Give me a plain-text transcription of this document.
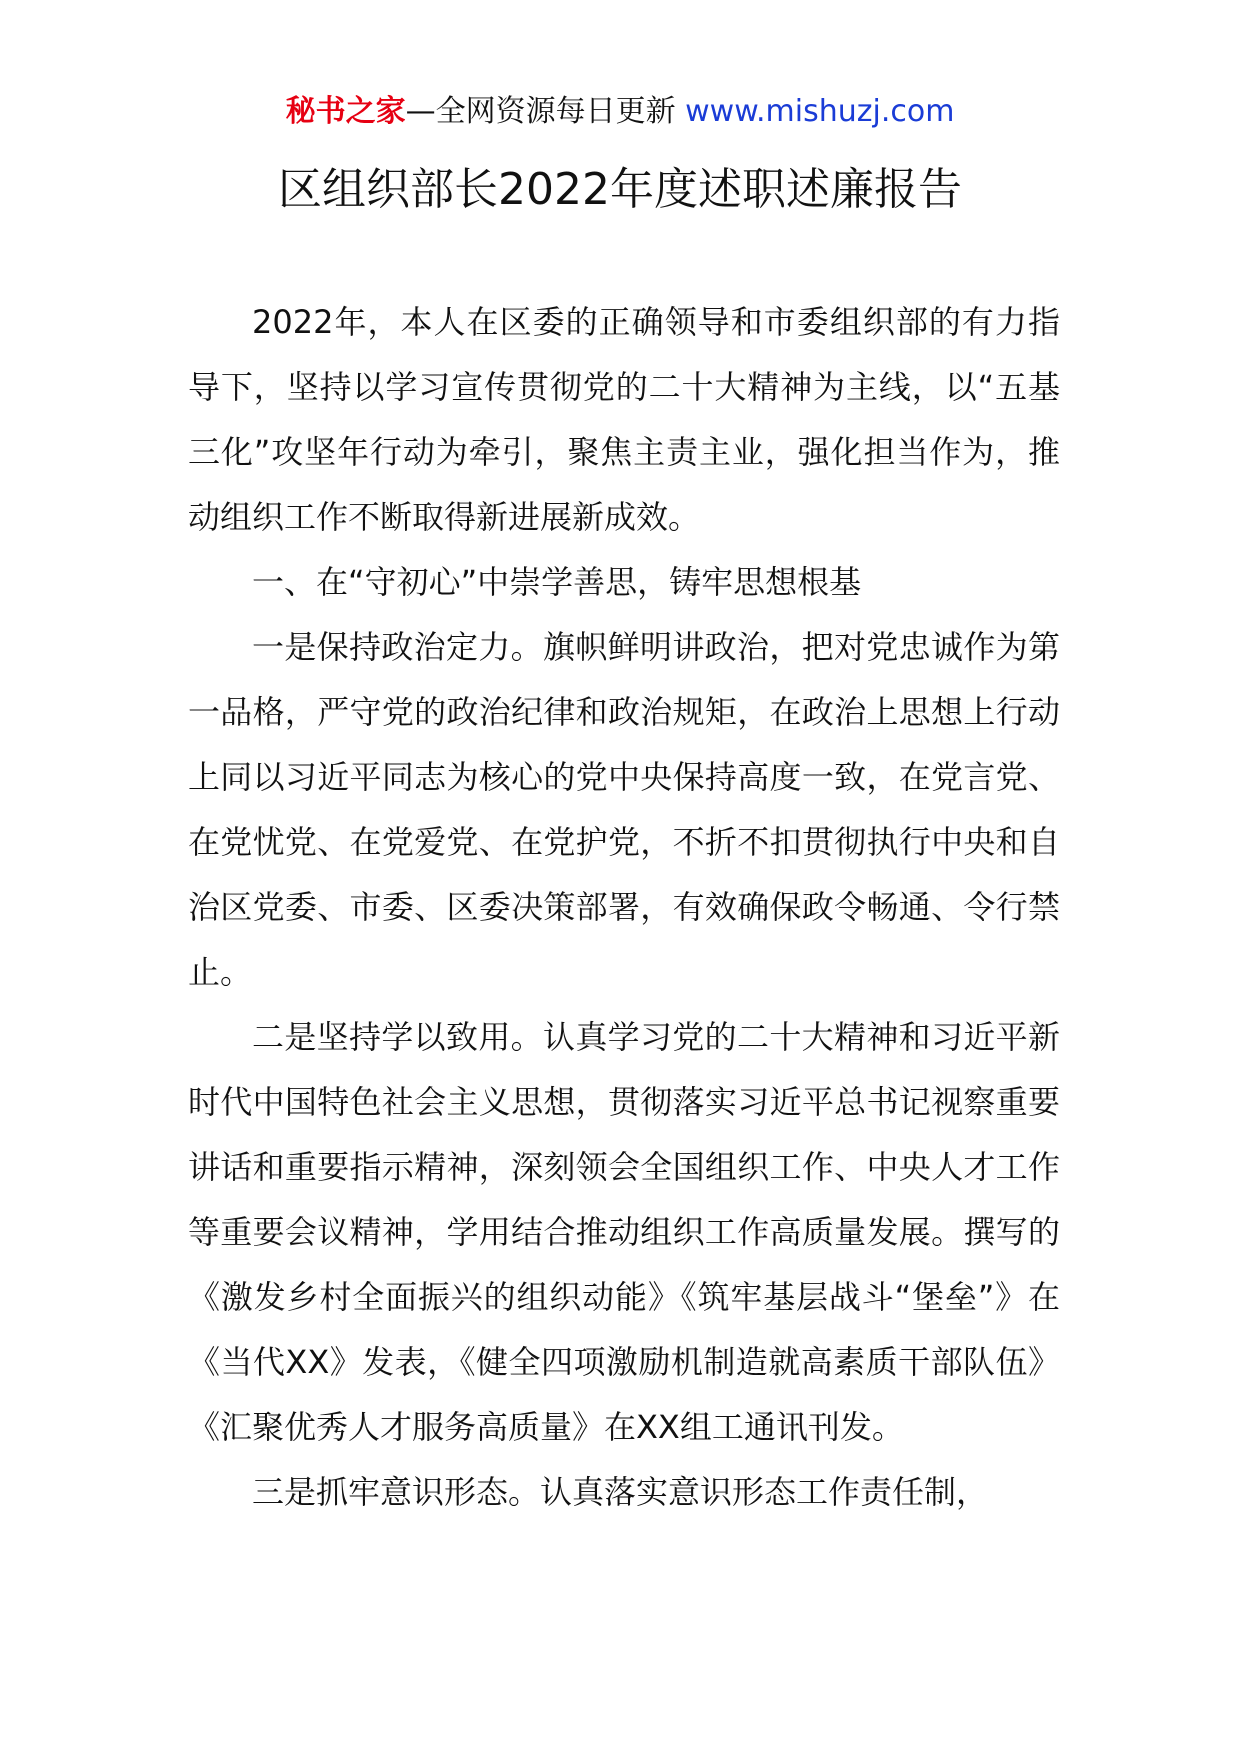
秘书之家—全网资源每日更新 www.mishuzj.com
区组织部长2022年度述职述廉报告

2022年，本人在区委的正确领导和市委组织部的有力指导下，坚持以学习宣传贯彻党的二十大精神为主线，以“五基三化”攻坚年行动为牵引，聚焦主责主业，强化担当作为，推动组织工作不断取得新进展新成效。

一、在“守初心”中崇学善思，铸牢思想根基

一是保持政治定力。旗帜鲜明讲政治，把对党忠诚作为第一品格，严守党的政治纪律和政治规矩，在政治上思想上行动上同以习近平同志为核心的党中央保持高度一致，在党言党、在党忧党、在党爱党、在党护党，不折不扣贯彻执行中央和自治区党委、市委、区委决策部署，有效确保政令畅通、令行禁止。

二是坚持学以致用。认真学习党的二十大精神和习近平新时代中国特色社会主义思想，贯彻落实习近平总书记视察重要讲话和重要指示精神，深刻领会全国组织工作、中央人才工作等重要会议精神，学用结合推动组织工作高质量发展。撰写的《激发乡村全面振兴的组织动能》《筑牢基层战斗“堡垒”》在《当代XX》发表，《健全四项激励机制造就高素质干部队伍》《汇聚优秀人才服务高质量》在XX组工通讯刊发。

三是抓牢意识形态。认真落实意识形态工作责任制，
